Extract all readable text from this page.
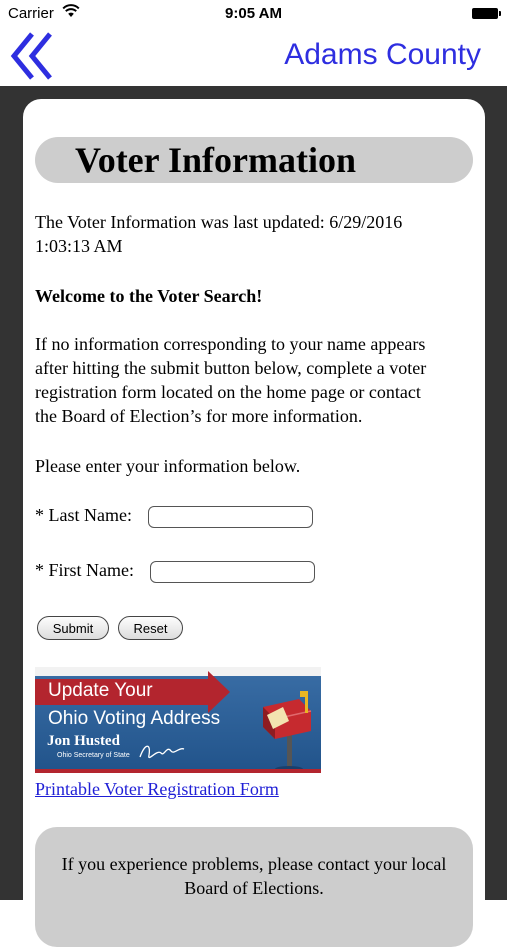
Carrier	9:05 AM
Adams County
Voter Information
The Voter Information was last updated: 6/29/2016
1:03:13 AM
Welcome to the Voter Search!
If no information corresponding to your name appears
after hitting the submit button below, complete a voter
registration form located on the home page or contact
the Board of Election’s for more information.
Please enter your information below.
* Last Name:
* First Name:
Submit	Reset
Update Your
Ohio Voting Address
Jon Husted
Ohio Secretary of State
Printable Voter Registration Form
If you experience problems, please contact your local
Board of Elections.
